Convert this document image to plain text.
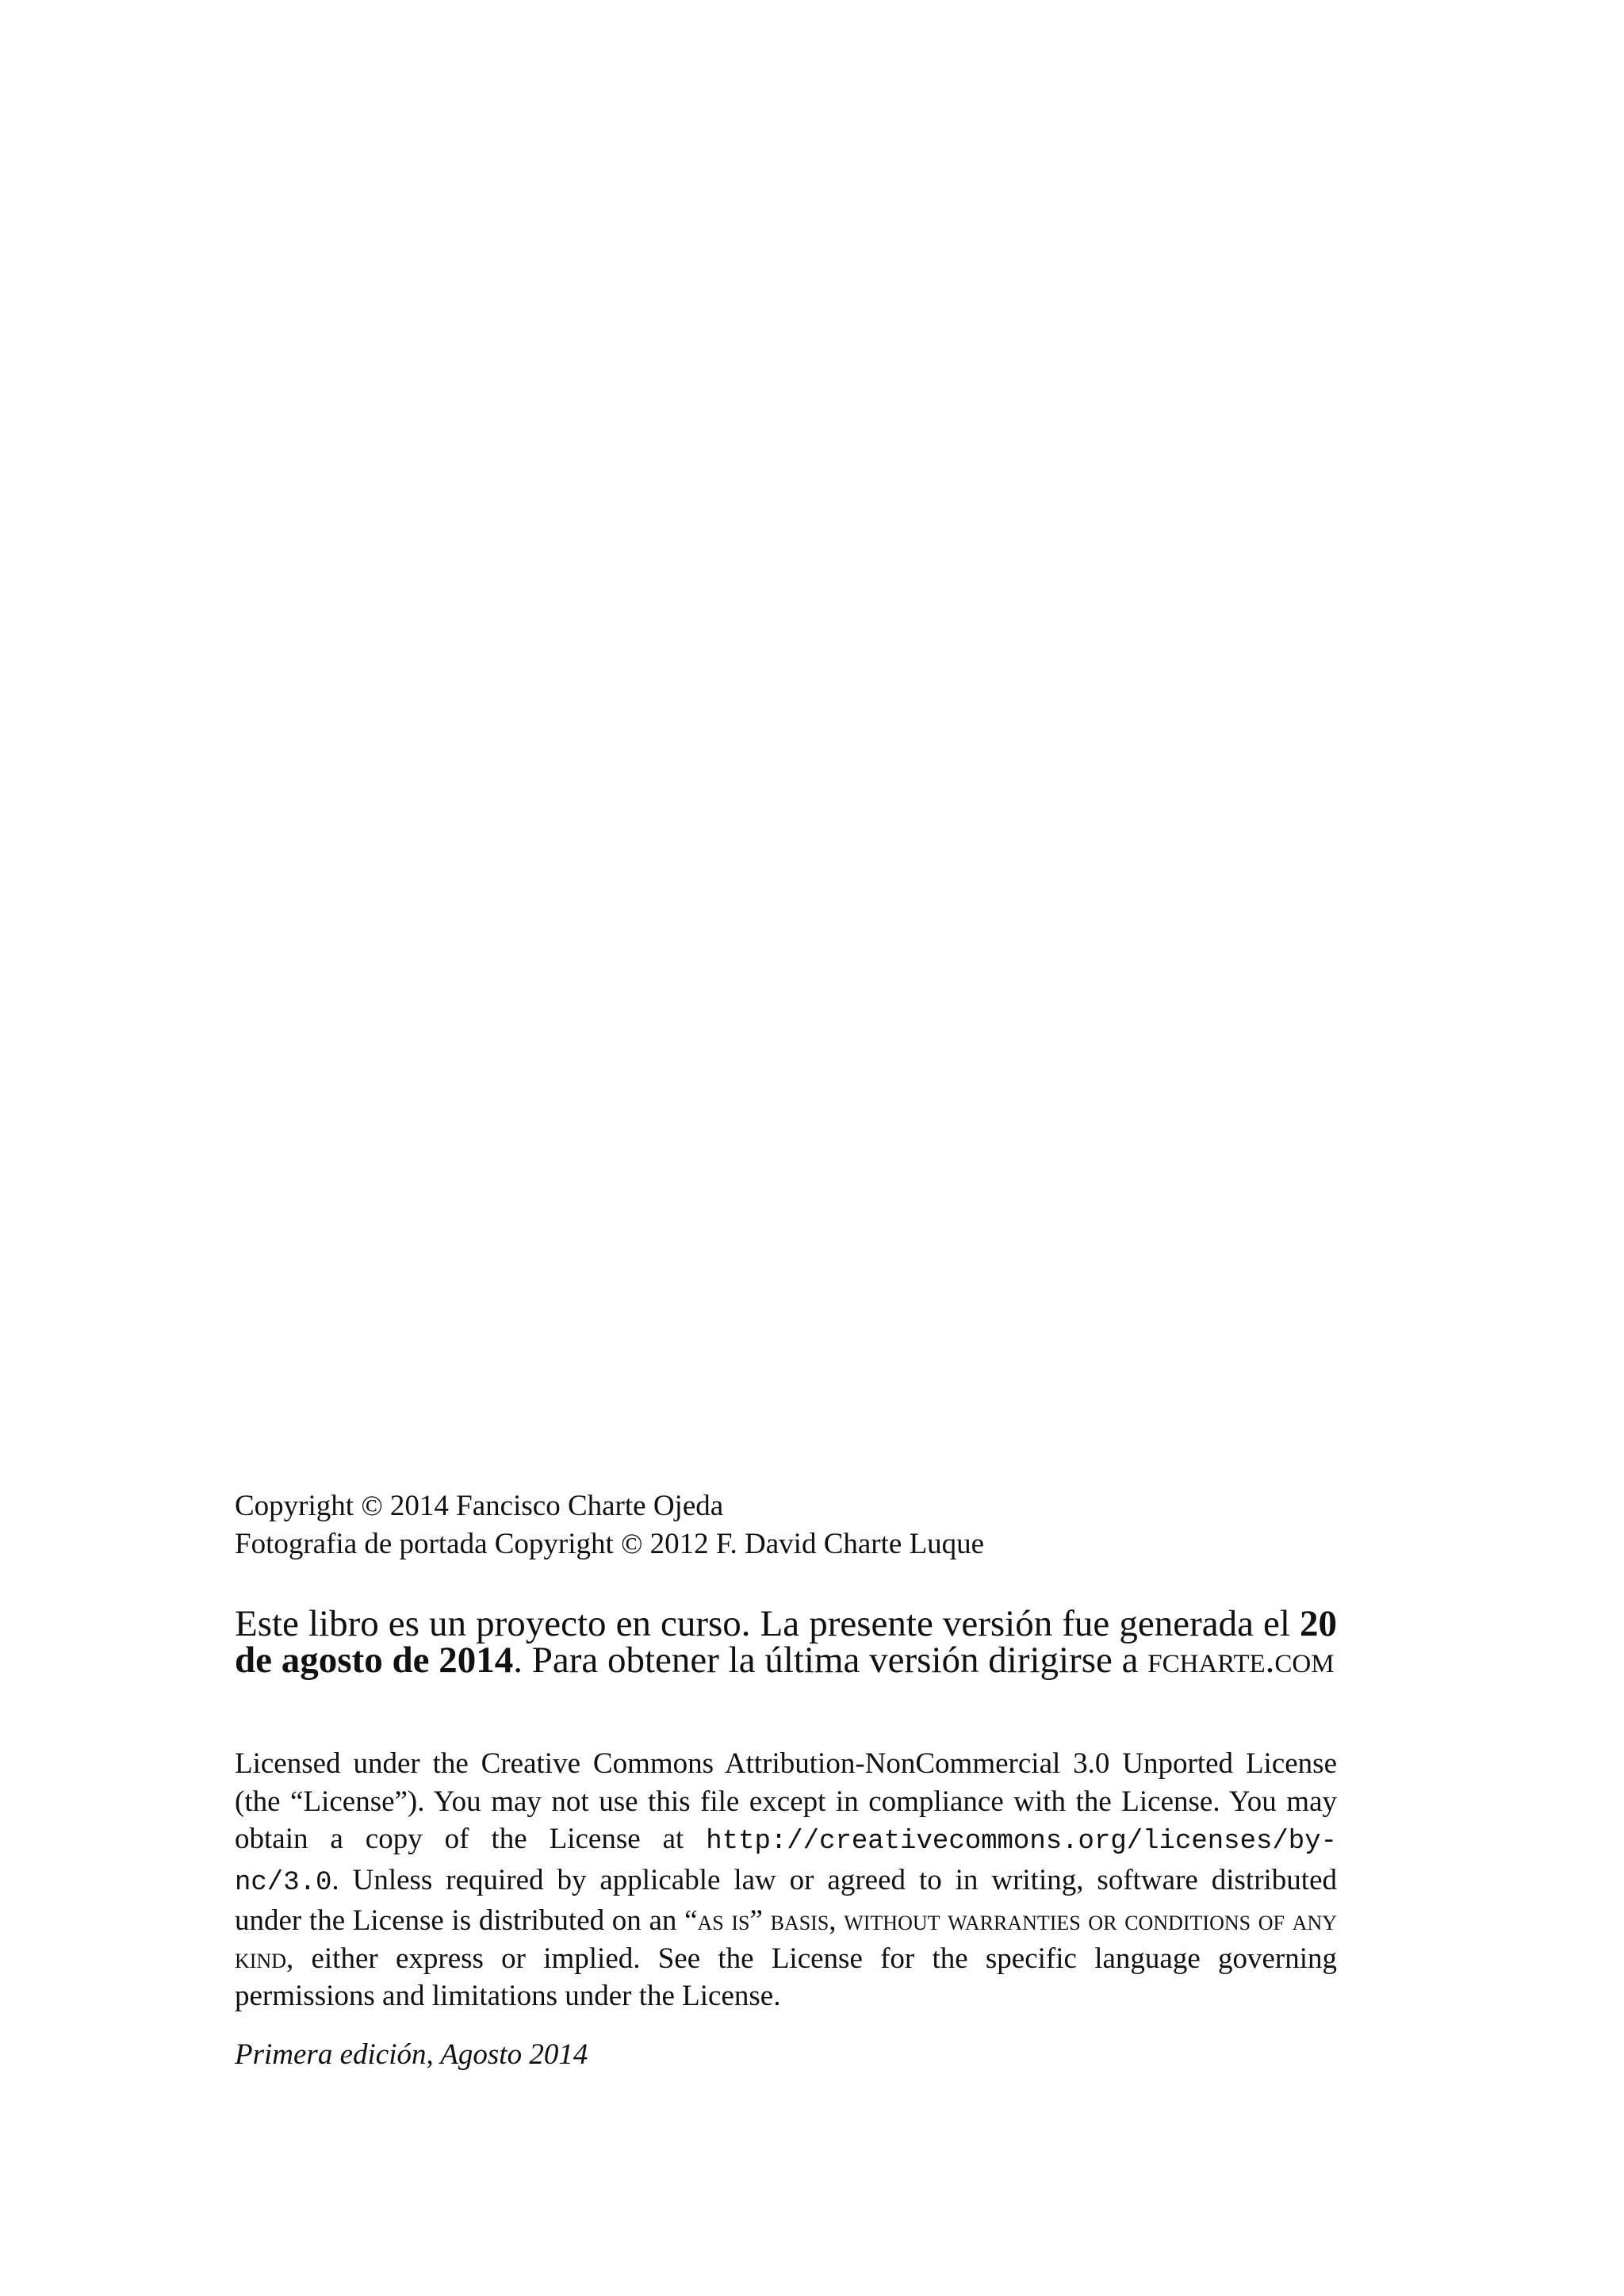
Copyright © 2014 Fancisco Charte Ojeda

Fotografia de portada Copyright © 2012 F. David Charte Luque

Este libro es un proyecto en curso. La presente versión fue generada el 20 de agosto de 2014. Para obtener la última versión dirigirse a fcharte.com

Licensed under the Creative Commons Attribution-NonCommercial 3.0 Unported License (the “License”). You may not use this file except in compliance with the License. You may obtain a copy of the License at http://creativecommons.org/licenses/by-nc/3.0. Unless required by applicable law or agreed to in writing, software distributed under the License is distributed on an “as is” basis, without warranties or conditions of any kind, either express or implied. See the License for the specific language governing permissions and limitations under the License.

Primera edición, Agosto 2014
